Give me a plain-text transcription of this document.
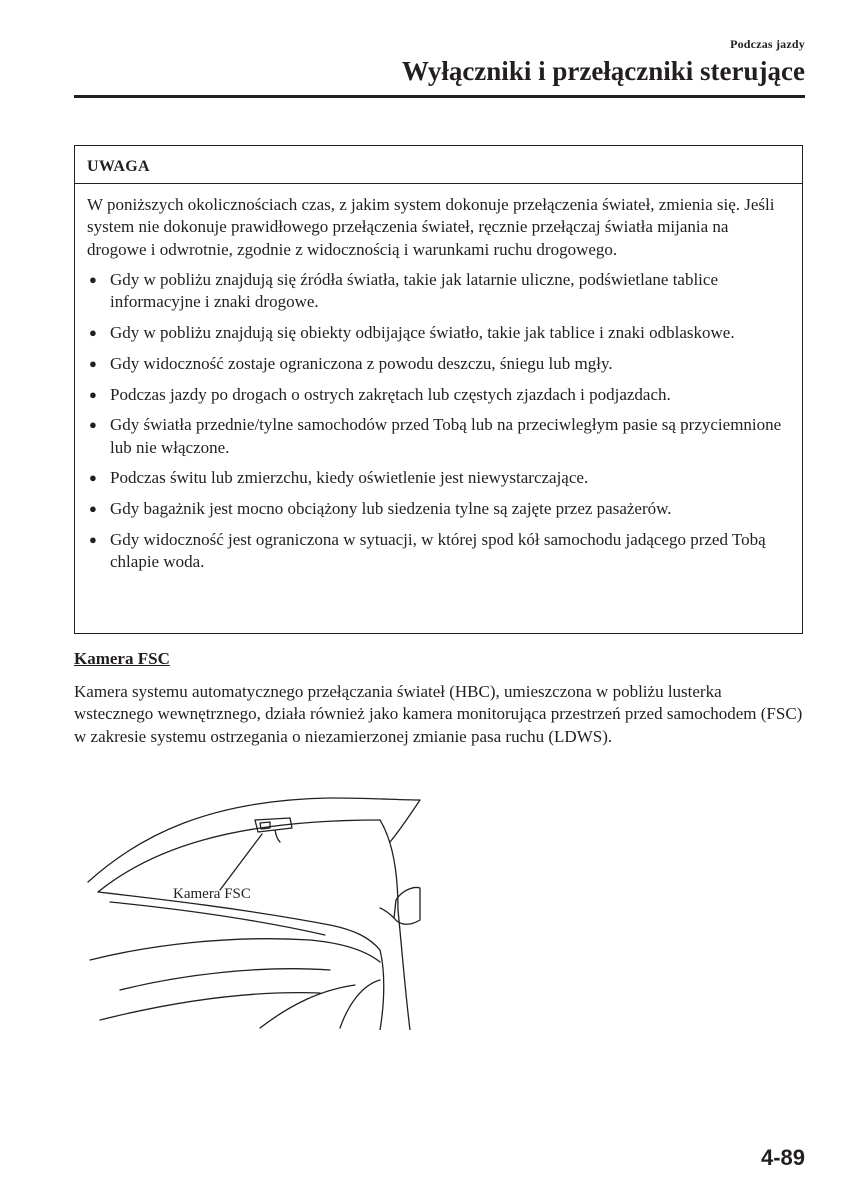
Podczas jazdy
Wyłączniki i przełączniki sterujące
UWAGA

W poniższych okolicznościach czas, z jakim system dokonuje przełączenia świateł, zmienia się. Jeśli system nie dokonuje prawidłowego przełączenia świateł, ręcznie przełączaj światła mijania na drogowe i odwrotnie, zgodnie z widocznością i warunkami ruchu drogowego.

● Gdy w pobliżu znajdują się źródła światła, takie jak latarnie uliczne, podświetlane tablice informacyjne i znaki drogowe.
● Gdy w pobliżu znajdują się obiekty odbijające światło, takie jak tablice i znaki odblaskowe.
● Gdy widoczność zostaje ograniczona z powodu deszczu, śniegu lub mgły.
● Podczas jazdy po drogach o ostrych zakrętach lub częstych zjazdach i podjazdach.
● Gdy światła przednie/tylne samochodów przed Tobą lub na przeciwległym pasie są przyciemnione lub nie włączone.
● Podczas świtu lub zmierzchu, kiedy oświetlenie jest niewystarczające.
● Gdy bagażnik jest mocno obciążony lub siedzenia tylne są zajęte przez pasażerów.
● Gdy widoczność jest ograniczona w sytuacji, w której spod kół samochodu jadącego przed Tobą chlapie woda.
Kamera FSC

Kamera systemu automatycznego przełączania świateł (HBC), umieszczona w pobliżu lusterka wstecznego wewnętrznego, działa również jako kamera monitorująca przestrzeń przed samochodem (FSC) w zakresie systemu ostrzegania o niezamierzonej zmianie pasa ruchu (LDWS).

Kamera FSC
4-89
